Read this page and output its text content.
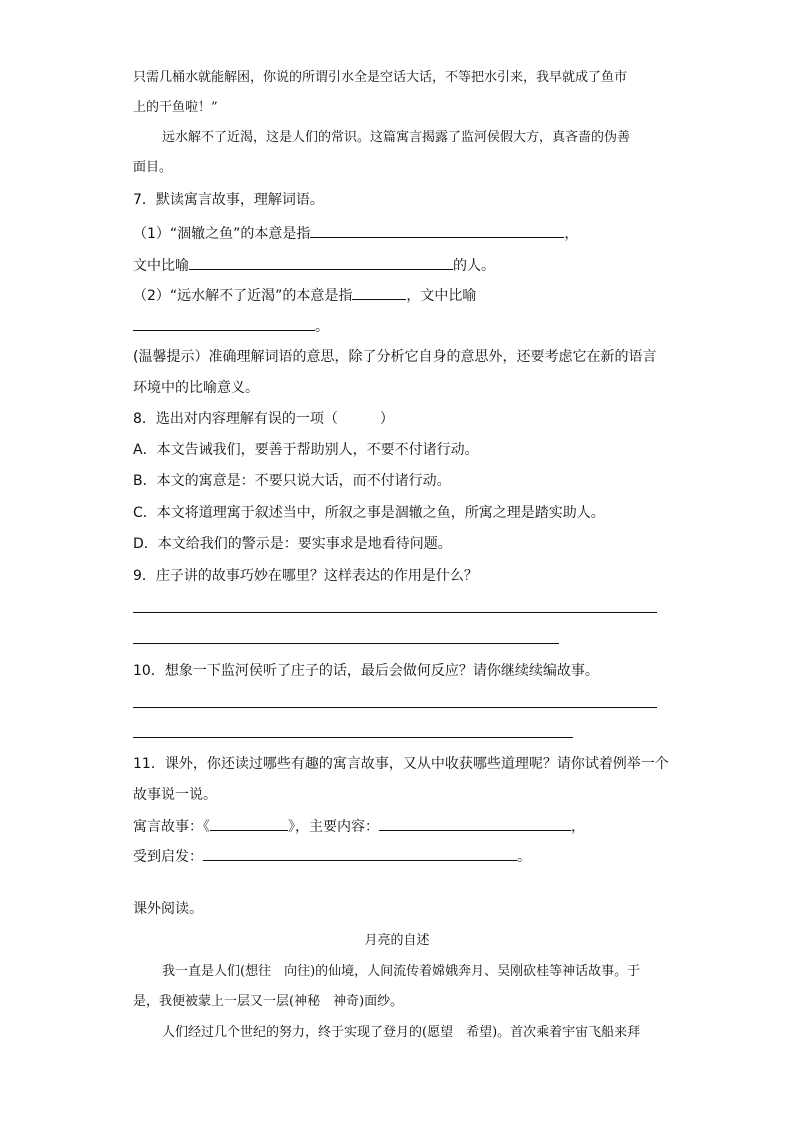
只需几桶水就能解困，你说的所谓引水全是空话大话，不等把水引来，我早就成了鱼市
上的干鱼啦！”
远水解不了近渴，这是人们的常识。这篇寓言揭露了监河侯假大方，真吝啬的伪善
面目。
7．默读寓言故事，理解词语。
（1）“涸辙之鱼”的本意是指	，
文中比喻	的人。
（2）“远水解不了近渴”的本意是指	，文中比喻
。
(温馨提示）准确理解词语的意思，除了分析它自身的意思外，还要考虑它在新的语言
环境中的比喻意义。
8．选出对内容理解有误的一项（　　　）
A．本文告诫我们，要善于帮助别人，不要不付诸行动。
B．本文的寓意是：不要只说大话，而不付诸行动。
C．本文将道理寓于叙述当中，所叙之事是涸辙之鱼，所寓之理是踏实助人。
D．本文给我们的警示是：要实事求是地看待问题。
9．庄子讲的故事巧妙在哪里？这样表达的作用是什么？
10．想象一下监河侯听了庄子的话，最后会做何反应？请你继续续编故事。
11．课外，你还读过哪些有趣的寓言故事，又从中收获哪些道理呢？请你试着例举一个
故事说一说。
寓言故事：《	》，主要内容：	，
受到启发：	。
课外阅读。
月亮的自述
我一直是人们(想往　向往)的仙境，人间流传着嫦娥奔月、吴刚砍桂等神话故事。于
是，我便被蒙上一层又一层(神秘　神奇)面纱。
人们经过几个世纪的努力，终于实现了登月的(愿望　希望)。首次乘着宇宙飞船来拜
